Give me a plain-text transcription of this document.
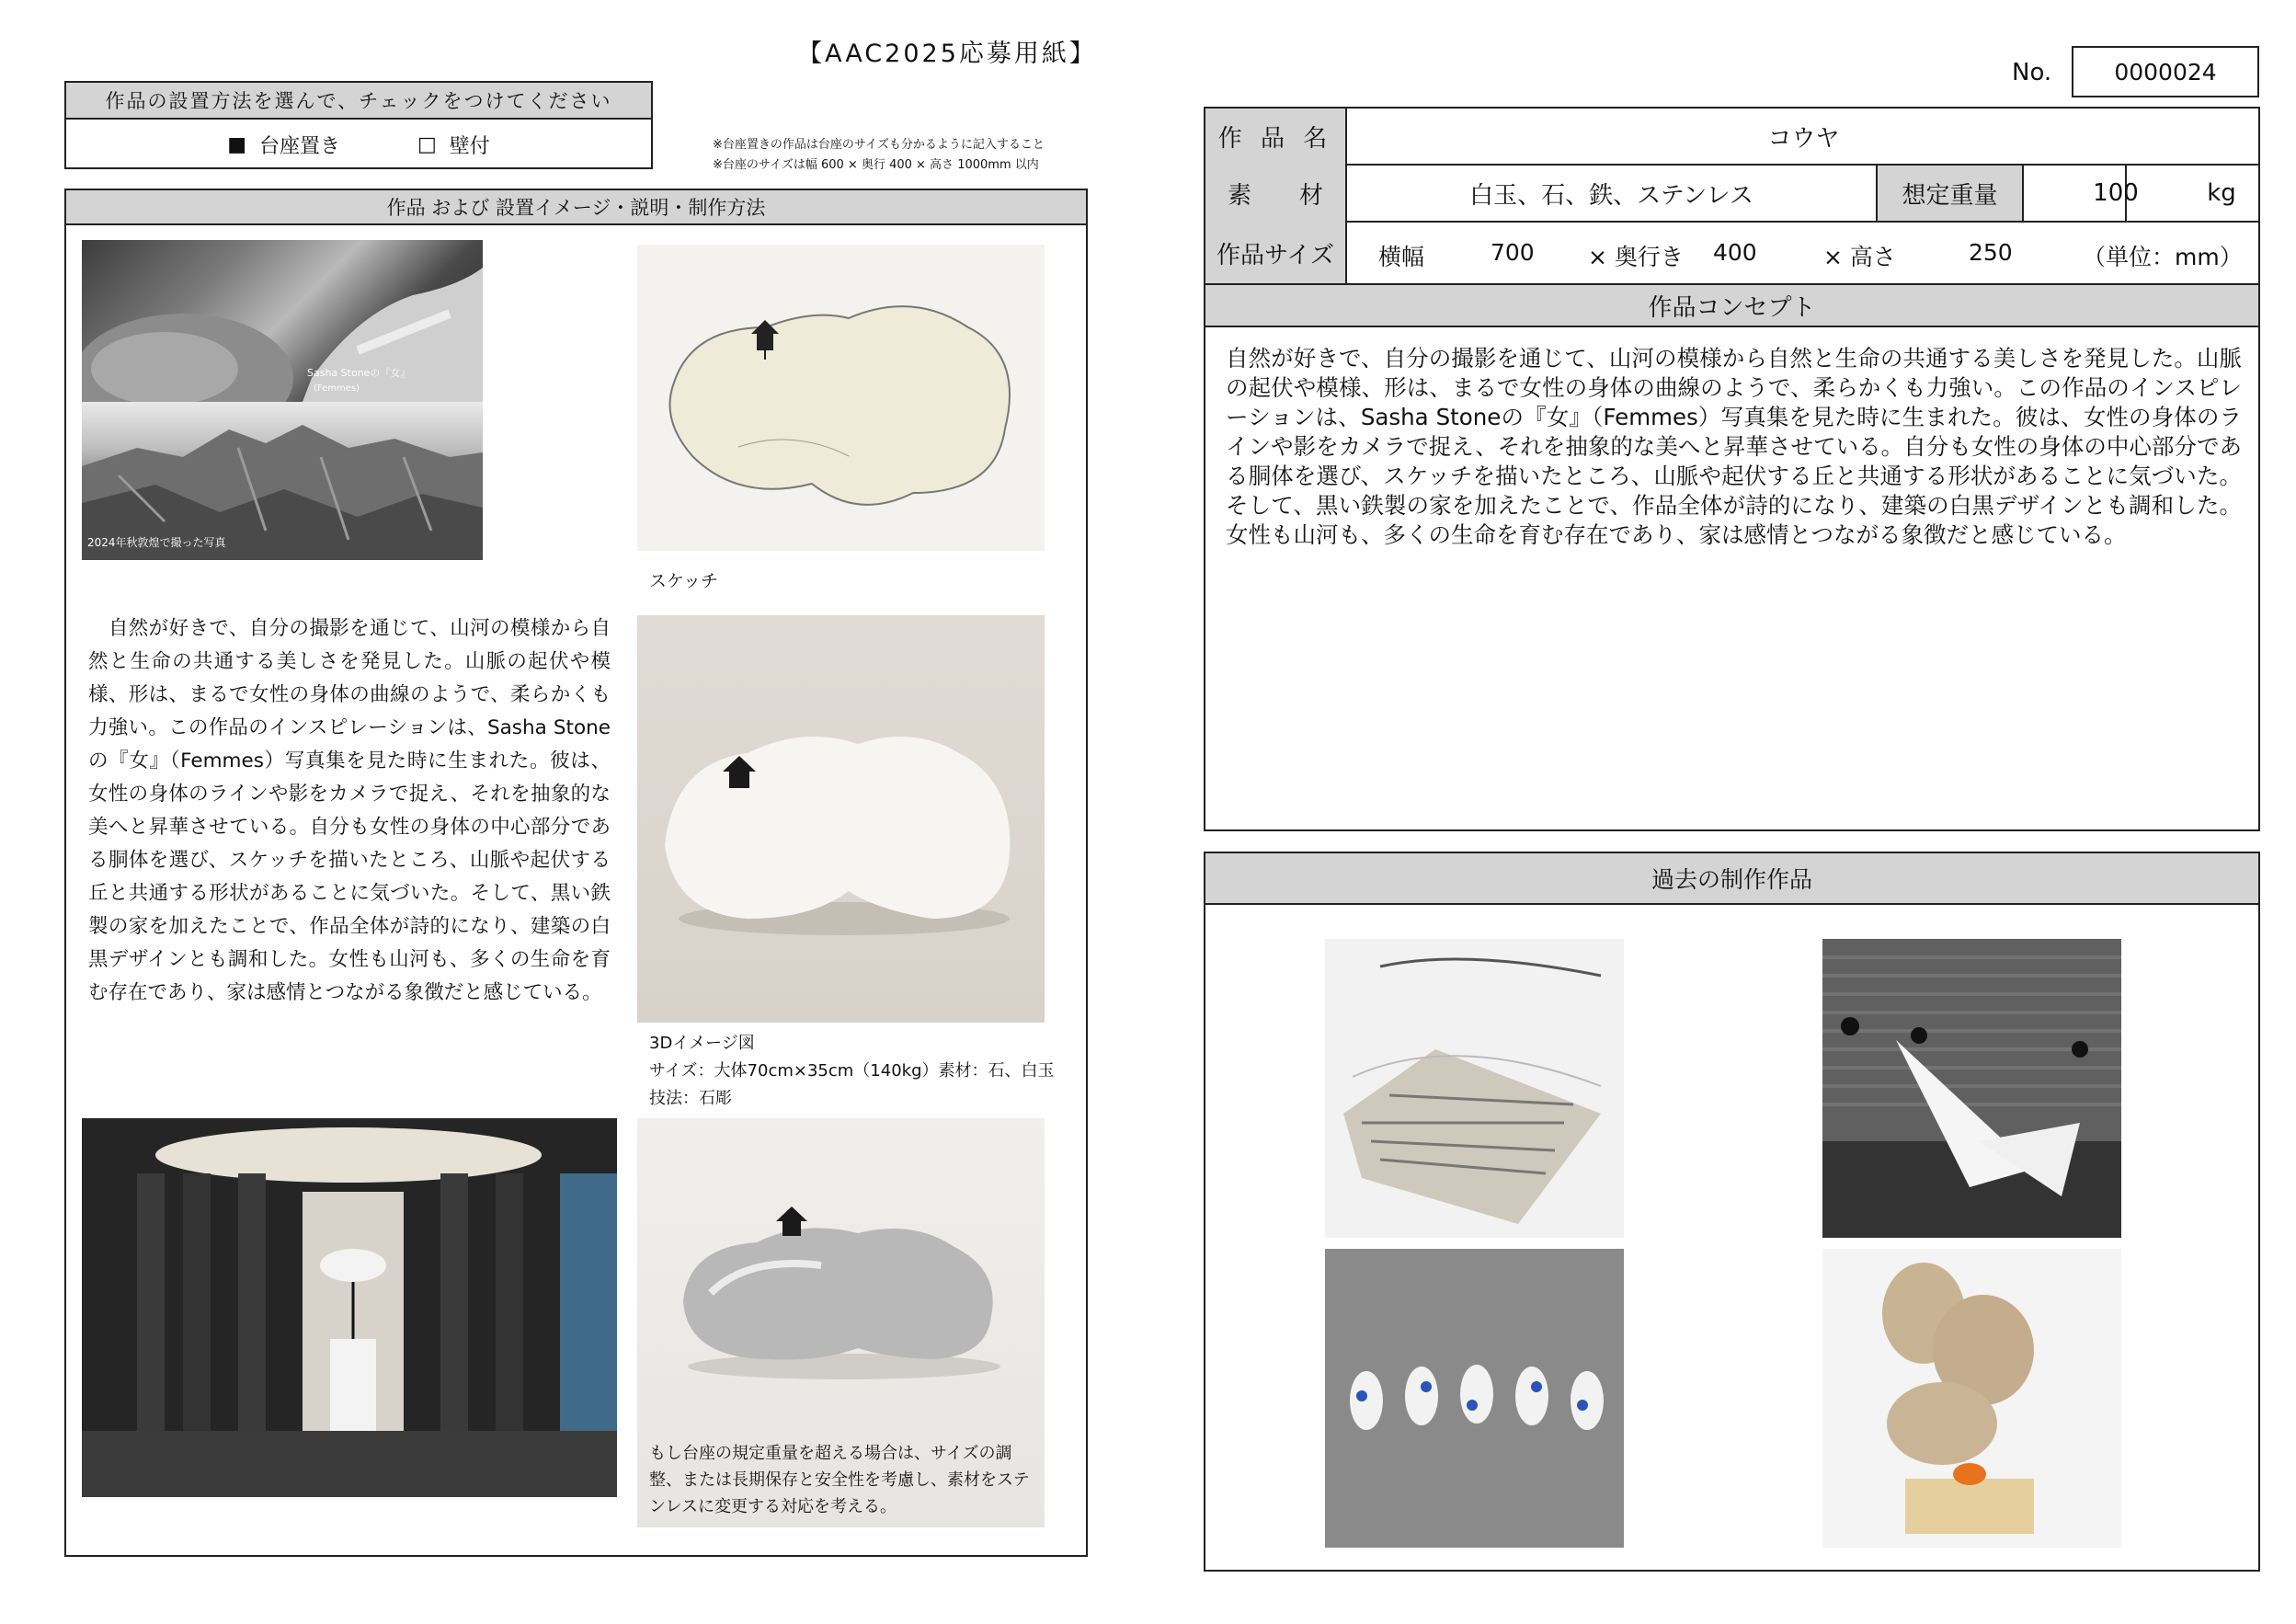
【AAC2025応募用紙】
作品の設置方法を選んで、チェックをつけてください
■ 台座置き	□ 壁付	※台座置きの作品は台座のサイズも分かるように記入すること
※台座のサイズは幅 600 × 奥行 400 × 高さ 1000mm 以内
No.	0000024
作品 および 設置イメージ・説明・制作方法
Sasha Stoneの『女』
(Femmes)
2024年秋敦煌で撮った写真
スケッチ
　自然が好きで、自分の撮影を通じて、山河の模様から自然と生命の共通する美しさを発見した。山脈の起伏や模様、形は、まるで女性の身体の曲線のようで、柔らかくも力強い。この作品のインスピレーションは、Sasha Stoneの『女』（Femmes）写真集を見た時に生まれた。彼は、女性の身体のラインや影をカメラで捉え、それを抽象的な美へと昇華させている。自分も女性の身体の中心部分である胴体を選び、スケッチを描いたところ、山脈や起伏する丘と共通する形状があることに気づいた。そして、黒い鉄製の家を加えたことで、作品全体が詩的になり、建築の白黒デザインとも調和した。女性も山河も、多くの生命を育む存在であり、家は感情とつながる象徴だと感じている。
3Dイメージ図
サイズ：大体70cm×35cm（140kg）素材：石、白玉
技法：石彫
もし台座の規定重量を超える場合は、サイズの調整、または長期保存と安全性を考慮し、素材をステンレスに変更する対応を考える。
作 品 名	コウヤ
素　　材	白玉、石、鉄、ステンレス	想定重量	100	kg
作品サイズ	横幅	700 × 奥行き 400	× 高さ	250	（単位：mm）
作品コンセプト
自然が好きで、自分の撮影を通じて、山河の模様から自然と生命の共通する美しさを発見した。山脈の起伏や模様、形は、まるで女性の身体の曲線のようで、柔らかくも力強い。この作品のインスピレーションは、Sasha Stoneの『女』（Femmes）写真集を見た時に生まれた。彼は、女性の身体のラインや影をカメラで捉え、それを抽象的な美へと昇華させている。自分も女性の身体の中心部分である胴体を選び、スケッチを描いたところ、山脈や起伏する丘と共通する形状があることに気づいた。そして、黒い鉄製の家を加えたことで、作品全体が詩的になり、建築の白黒デザインとも調和した。女性も山河も、多くの生命を育む存在であり、家は感情とつながる象徴だと感じている。
過去の制作作品
